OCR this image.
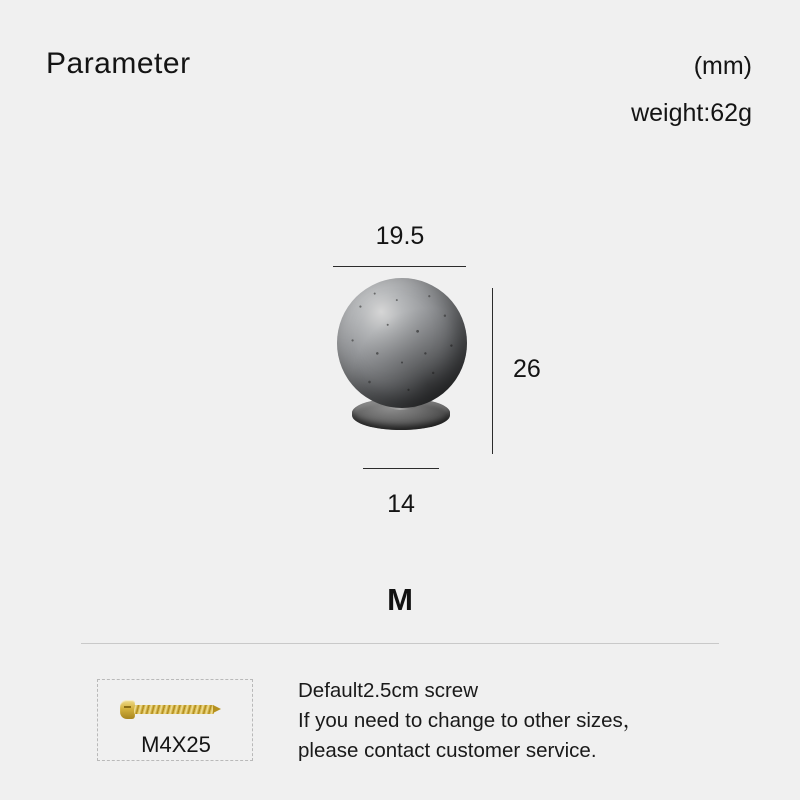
Parameter	(mm)
weight:62g
19.5
26
14
M
M4X25
Default2.5cm screw
If you need to change to other sizes，
please contact customer service.
